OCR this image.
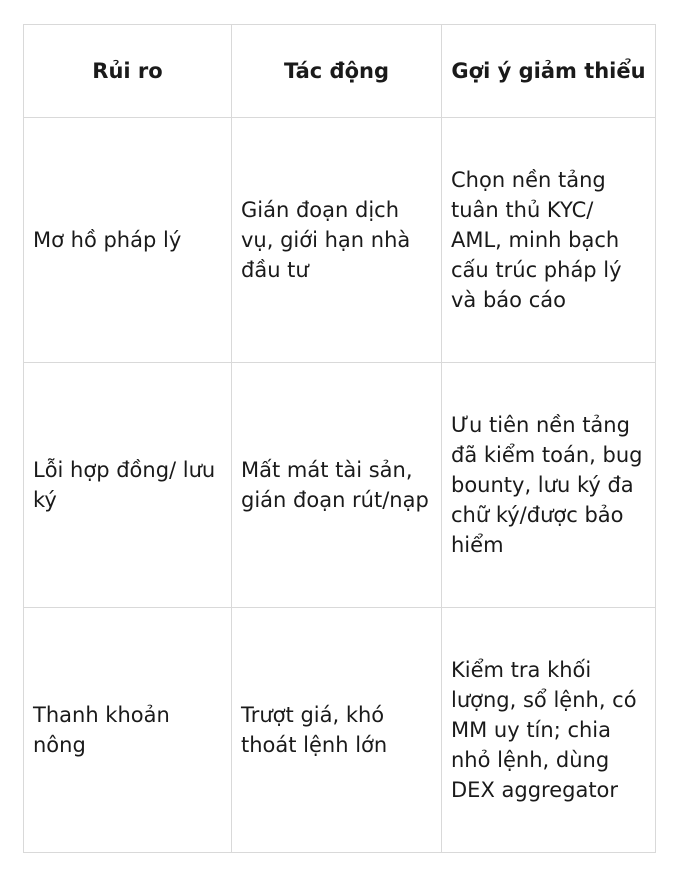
Rủi ro	Tác động	Gợi ý giảm thiểu
Mơ hồ pháp lý	Gián đoạn dịch vụ, giới hạn nhà đầu tư	Chọn nền tảng tuân thủ KYC/ AML, minh bạch cấu trúc pháp lý và báo cáo
Lỗi hợp đồng/ lưu ký	Mất mát tài sản, gián đoạn rút/nạp	Ưu tiên nền tảng đã kiểm toán, bug bounty, lưu ký đa chữ ký/được bảo hiểm
Thanh khoản nông	Trượt giá, khó thoát lệnh lớn	Kiểm tra khối lượng, sổ lệnh, có MM uy tín; chia nhỏ lệnh, dùng DEX aggregator
